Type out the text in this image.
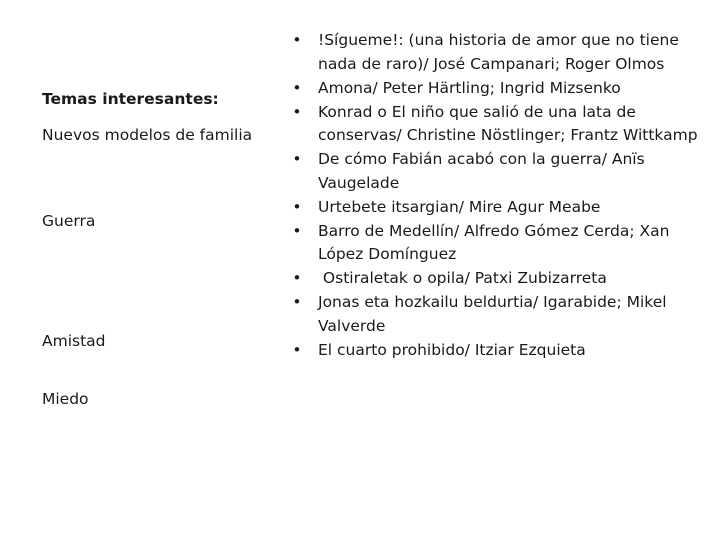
Temas interesantes:
Nuevos modelos de familia
Guerra
Amistad
Miedo
• !Sígueme!: (una historia de amor que no tiene nada de raro)/ José Campanari; Roger Olmos
• Amona/ Peter Härtling; Ingrid Mizsenko
• Konrad o El niño que salió de una lata de conservas/ Christine Nöstlinger; Frantz Wittkamp
• De cómo Fabián acabó con la guerra/ Anïs Vaugelade
• Urtebete itsargian/ Mire Agur Meabe
• Barro de Medellín/ Alfredo Gómez Cerda; Xan López Domínguez
• Ostiraletak o opila/ Patxi Zubizarreta
• Jonas eta hozkailu beldurtia/ Igarabide; Mikel Valverde
• El cuarto prohibido/ Itziar Ezquieta
